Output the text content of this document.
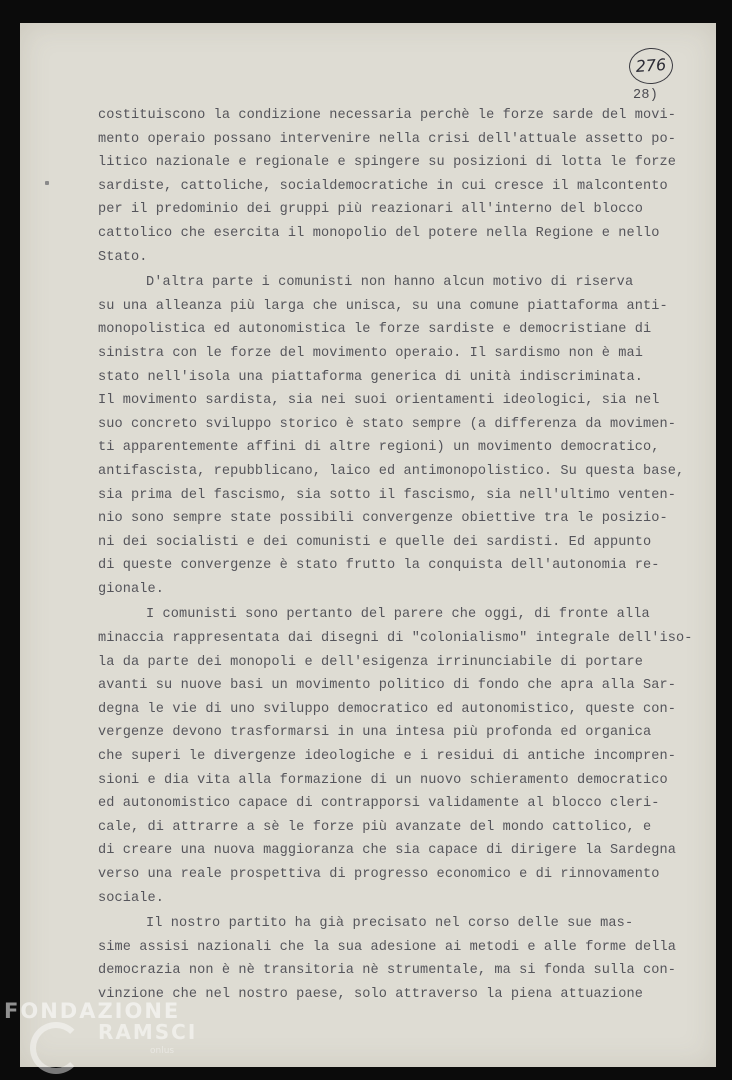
276
28)
costituiscono la condizione necessaria perchè le forze sarde del movi-
mento operaio possano intervenire nella crisi dell'attuale assetto po-
litico nazionale e regionale e spingere su posizioni di lotta le forze
sardiste, cattoliche, socialdemocratiche in cui cresce il malcontento
per il predominio dei gruppi più reazionari all'interno del blocco
cattolico che esercita il monopolio del potere nella Regione e nello
Stato.
D'altra parte i comunisti non hanno alcun motivo di riserva
su una alleanza più larga che unisca, su una comune piattaforma anti-
monopolistica ed autonomistica le forze sardiste e democristiane di
sinistra con le forze del movimento operaio. Il sardismo non è mai
stato nell'isola una piattaforma generica di unità indiscriminata.
Il movimento sardista, sia nei suoi orientamenti ideologici, sia nel
suo concreto sviluppo storico è stato sempre (a differenza da movimen-
ti apparentemente affini di altre regioni) un movimento democratico,
antifascista, repubblicano, laico ed antimonopolistico. Su questa base,
sia prima del fascismo, sia sotto il fascismo, sia nell'ultimo venten-
nio sono sempre state possibili convergenze obiettive tra le posizio-
ni dei socialisti e dei comunisti e quelle dei sardisti. Ed appunto
di queste convergenze è stato frutto la conquista dell'autonomia re-
gionale.
I comunisti sono pertanto del parere che oggi, di fronte alla
minaccia rappresentata dai disegni di "colonialismo" integrale dell'iso-
la da parte dei monopoli e dell'esigenza irrinunciabile di portare
avanti su nuove basi un movimento politico di fondo che apra alla Sar-
degna le vie di uno sviluppo democratico ed autonomistico, queste con-
vergenze devono trasformarsi in una intesa più profonda ed organica
che superi le divergenze ideologiche e i residui di antiche incompren-
sioni e dia vita alla formazione di un nuovo schieramento democratico
ed autonomistico capace di contrapporsi validamente al blocco cleri-
cale, di attrarre a sè le forze più avanzate del mondo cattolico, e
di creare una nuova maggioranza che sia capace di dirigere la Sardegna
verso una reale prospettiva di progresso economico e di rinnovamento
sociale.
Il nostro partito ha già precisato nel corso delle sue mas-
sime assisi nazionali che la sua adesione ai metodi e alle forme della
democrazia non è nè transitoria nè strumentale, ma si fonda sulla con-
vinzione che nel nostro paese, solo attraverso la piena attuazione
FONDAZIONE
RAMSCI
onlus
